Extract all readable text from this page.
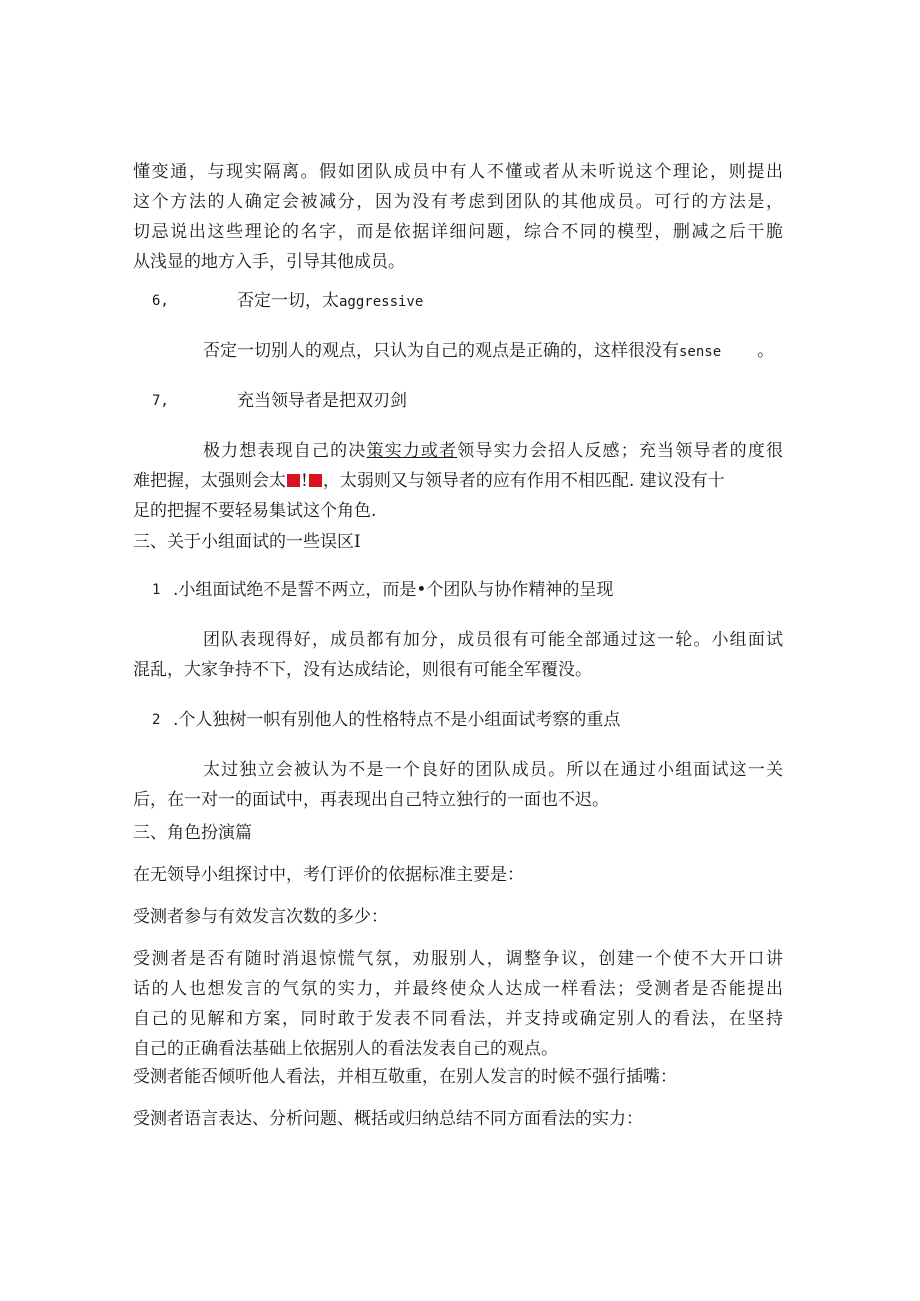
懂变通，与现实隔离。假如团队成员中有人不懂或者从未听说这个理论，则提出
这个方法的人确定会被减分，因为没有考虑到团队的其他成员。可行的方法是，
切忌说出这些理论的名字，而是依据详细问题，综合不同的模型，删减之后干脆
从浅显的地方入手，引导其他成员。
6,	否定一切，太aggressive
否定一切别人的观点，只认为自己的观点是正确的，这样很没有sense 。
7,	充当领导者是把双刃剑
极力想表现自己的决策实力或者领导实力会招人反感；充当领导者的度很
难把握，太强则会太 ! ，太弱则又与领导者的应有作用不相匹配. 建议没有十
足的把握不要轻易集试这个角色.
三、关于小组面试的一些误区I
1 .小组面试绝不是誓不两立，而是•个团队与协作精神的呈现
团队表现得好，成员都有加分，成员很有可能全部通过这一轮。小组面试
混乱，大家争持不下，没有达成结论，则很有可能全军覆没。
2 .个人独树一帜有别他人的性格特点不是小组面试考察的重点
太过独立会被认为不是一个良好的团队成员。所以在通过小组面试这一关
后，在一对一的面试中，再表现出自己特立独行的一面也不迟。
三、角色扮演篇
在无领导小组探讨中，考仃评价的依据标准主要是：
受测者参与有效发言次数的多少：
受测者是否有随时消退惊慌气氛，劝服别人，调整争议，创建一个使不大开口讲
话的人也想发言的气氛的实力，并最终使众人达成一样看法；受测者是否能提出
自己的见解和方案，同时敢于发表不同看法，并支持或确定别人的看法，在坚持
自己的正确看法基础上依据别人的看法发表自己的观点。
受测者能否倾听他人看法，并相互敬重，在别人发言的时候不强行插嘴：
受测者语言表达、分析问题、概括或归纳总结不同方面看法的实力：
